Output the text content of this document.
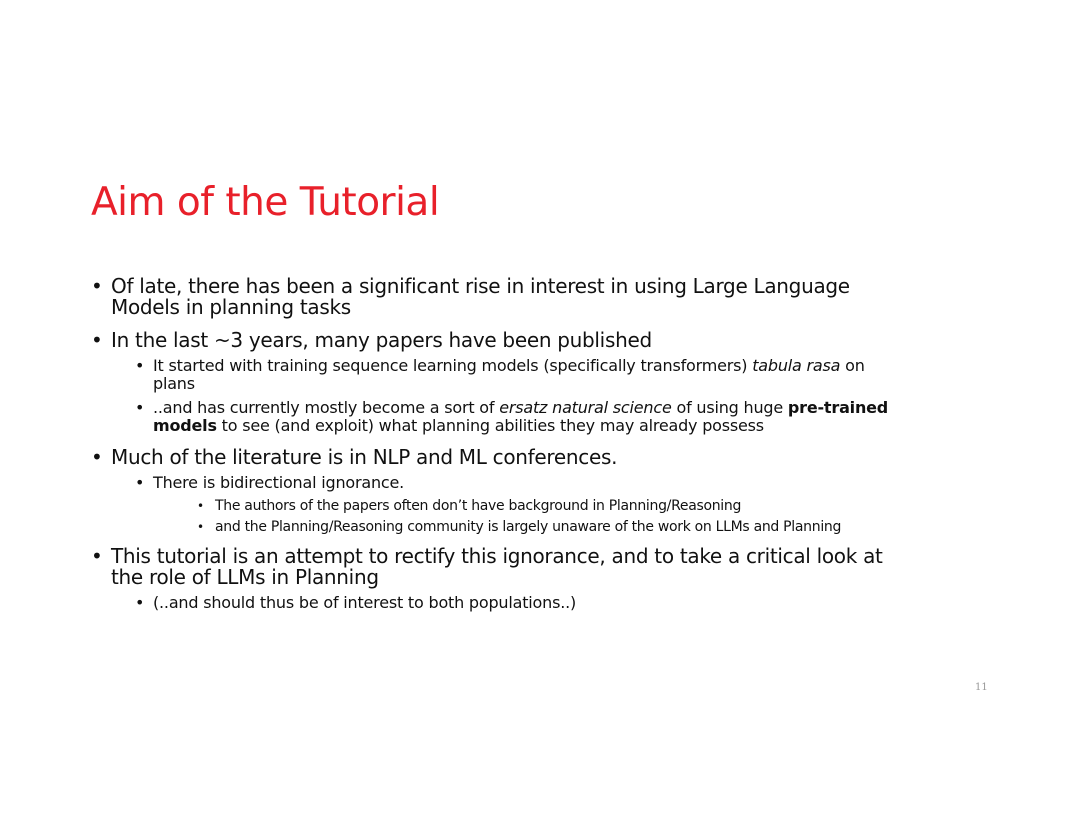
Aim of the Tutorial
• Of late, there has been a significant rise in interest in using Large Language Models in planning tasks
• In the last ~3 years, many papers have been published
• It started with training sequence learning models (specifically transformers) tabula rasa on plans
• ..and has currently mostly become a sort of ersatz natural science of using huge pre-trained models to see (and exploit) what planning abilities they may already possess
• Much of the literature is in NLP and ML conferences.
• There is bidirectional ignorance.
• The authors of the papers often don’t have background in Planning/Reasoning
• and the Planning/Reasoning community is largely unaware of the work on LLMs and Planning
• This tutorial is an attempt to rectify this ignorance, and to take a critical look at the role of LLMs in Planning
• (..and should thus be of interest to both populations..)
11
